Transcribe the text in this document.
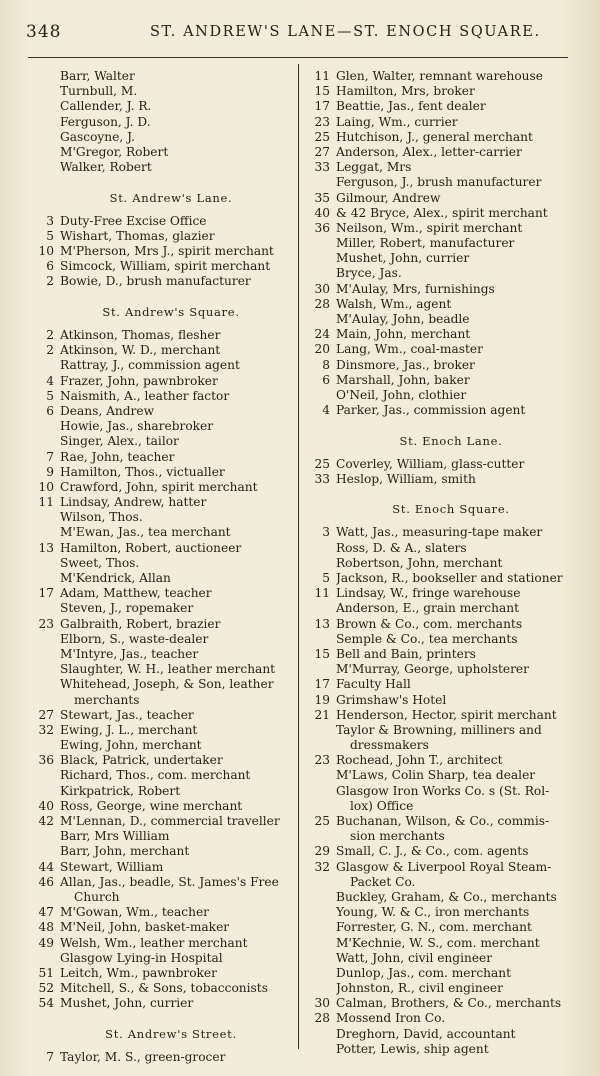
348	ST. ANDREW'S LANE—ST. ENOCH SQUARE.
Barr, Walter
Turnbull, M.
Callender, J. R.
Ferguson, J. D.
Gascoyne, J.
M'Gregor, Robert
Walker, Robert
St. Andrew's Lane.
3 Duty-Free Excise Office
5 Wishart, Thomas, glazier
10 M'Pherson, Mrs J., spirit merchant
6 Simcock, William, spirit merchant
2 Bowie, D., brush manufacturer
St. Andrew's Square.
2 Atkinson, Thomas, flesher
2 Atkinson, W. D., merchant
Rattray, J., commission agent
4 Frazer, John, pawnbroker
5 Naismith, A., leather factor
6 Deans, Andrew
Howie, Jas., sharebroker
Singer, Alex., tailor
7 Rae, John, teacher
9 Hamilton, Thos., victualler
10 Crawford, John, spirit merchant
11 Lindsay, Andrew, hatter
Wilson, Thos.
M'Ewan, Jas., tea merchant
13 Hamilton, Robert, auctioneer
Sweet, Thos.
M'Kendrick, Allan
17 Adam, Matthew, teacher
Steven, J., ropemaker
23 Galbraith, Robert, brazier
Elborn, S., waste-dealer
M'Intyre, Jas., teacher
Slaughter, W. H., leather merchant
Whitehead, Joseph, & Son, leather
merchants
27 Stewart, Jas., teacher
32 Ewing, J. L., merchant
Ewing, John, merchant
36 Black, Patrick, undertaker
Richard, Thos., com. merchant
Kirkpatrick, Robert
40 Ross, George, wine merchant
42 M'Lennan, D., commercial traveller
Barr, Mrs William
Barr, John, merchant
44 Stewart, William
46 Allan, Jas., beadle, St. James's Free
Church
47 M'Gowan, Wm., teacher
48 M'Neil, John, basket-maker
49 Welsh, Wm., leather merchant
Glasgow Lying-in Hospital
51 Leitch, Wm., pawnbroker
52 Mitchell, S., & Sons, tobacconists
54 Mushet, John, currier
St. Andrew's Street.
7 Taylor, M. S., green-grocer
11 Glen, Walter, remnant warehouse
15 Hamilton, Mrs, broker
17 Beattie, Jas., fent dealer
23 Laing, Wm., currier
25 Hutchison, J., general merchant
27 Anderson, Alex., letter-carrier
33 Leggat, Mrs
Ferguson, J., brush manufacturer
35 Gilmour, Andrew
40 & 42 Bryce, Alex., spirit merchant
36 Neilson, Wm., spirit merchant
Miller, Robert, manufacturer
Mushet, John, currier
Bryce, Jas.
30 M'Aulay, Mrs, furnishings
28 Walsh, Wm., agent
M'Aulay, John, beadle
24 Main, John, merchant
20 Lang, Wm., coal-master
8 Dinsmore, Jas., broker
6 Marshall, John, baker
O'Neil, John, clothier
4 Parker, Jas., commission agent
St. Enoch Lane.
25 Coverley, William, glass-cutter
33 Heslop, William, smith
St. Enoch Square.
3 Watt, Jas., measuring-tape maker
Ross, D. & A., slaters
Robertson, John, merchant
5 Jackson, R., bookseller and stationer
11 Lindsay, W., fringe warehouse
Anderson, E., grain merchant
13 Brown & Co., com. merchants
Semple & Co., tea merchants
15 Bell and Bain, printers
M'Murray, George, upholsterer
17 Faculty Hall
19 Grimshaw's Hotel
21 Henderson, Hector, spirit merchant
Taylor & Browning, milliners and
dressmakers
23 Rochead, John T., architect
M'Laws, Colin Sharp, tea dealer
Glasgow Iron Works Co. s (St. Rol-
lox) Office
25 Buchanan, Wilson, & Co., commis-
sion merchants
29 Small, C. J., & Co., com. agents
32 Glasgow & Liverpool Royal Steam-
Packet Co.
Buckley, Graham, & Co., merchants
Young, W. & C., iron merchants
Forrester, G. N., com. merchant
M'Kechnie, W. S., com. merchant
Watt, John, civil engineer
Dunlop, Jas., com. merchant
Johnston, R., civil engineer
30 Calman, Brothers, & Co., merchants
28 Mossend Iron Co.
Dreghorn, David, accountant
Potter, Lewis, ship agent
